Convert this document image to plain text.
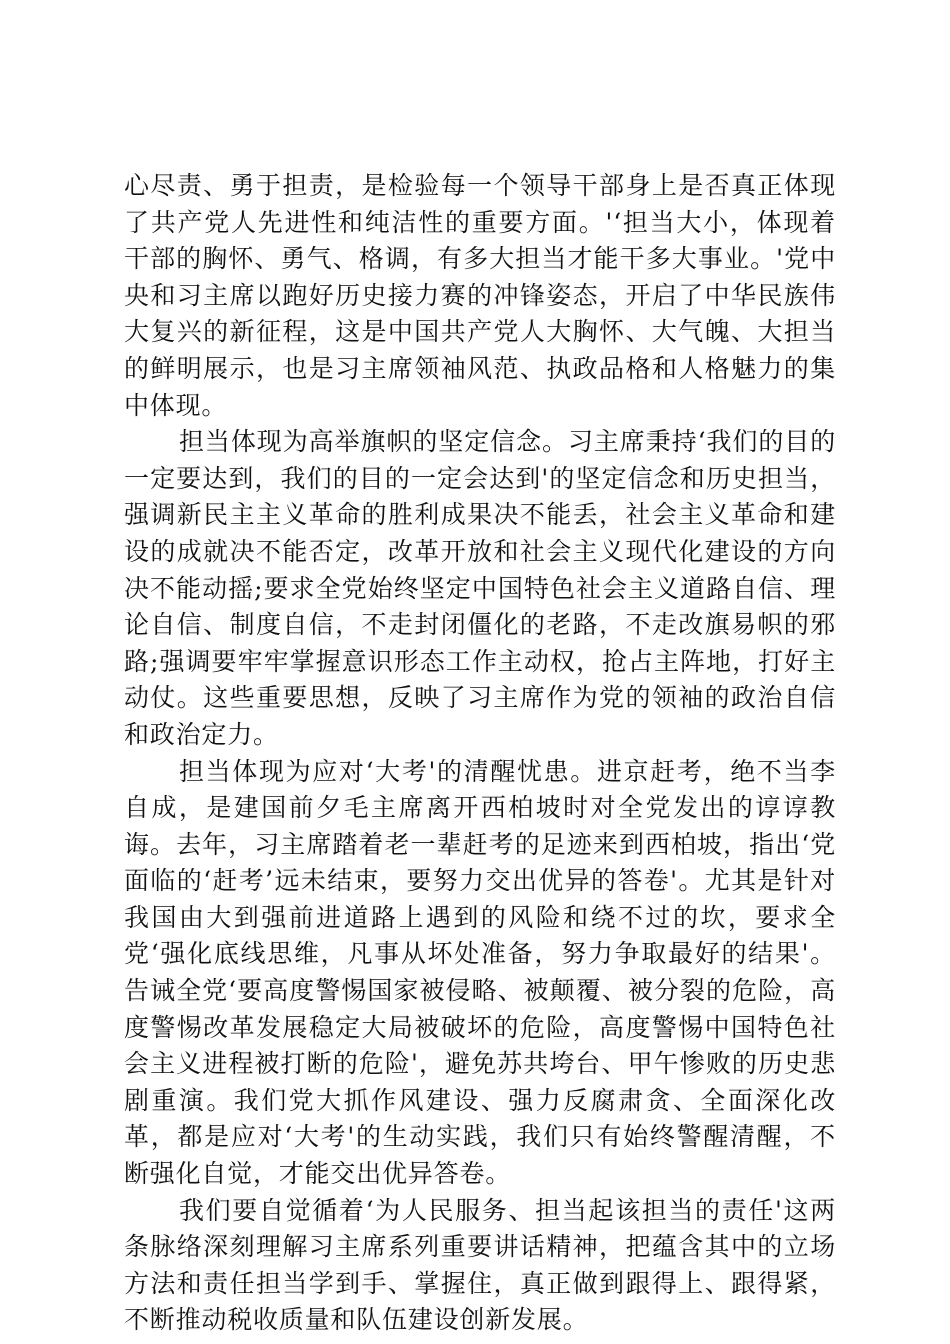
心尽责、勇于担责，是检验每一个领导干部身上是否真正体现了共产党人先进性和纯洁性的重要方面。'‘担当大小，体现着干部的胸怀、勇气、格调，有多大担当才能干多大事业。'党中央和习主席以跑好历史接力赛的冲锋姿态，开启了中华民族伟大复兴的新征程，这是中国共产党人大胸怀、大气魄、大担当的鲜明展示，也是习主席领袖风范、执政品格和人格魅力的集中体现。

担当体现为高举旗帜的坚定信念。习主席秉持‘我们的目的一定要达到，我们的目的一定会达到'的坚定信念和历史担当，强调新民主主义革命的胜利成果决不能丢，社会主义革命和建设的成就决不能否定，改革开放和社会主义现代化建设的方向决不能动摇;要求全党始终坚定中国特色社会主义道路自信、理论自信、制度自信，不走封闭僵化的老路，不走改旗易帜的邪路;强调要牢牢掌握意识形态工作主动权，抢占主阵地，打好主动仗。这些重要思想，反映了习主席作为党的领袖的政治自信和政治定力。

担当体现为应对‘大考'的清醒忧患。进京赶考，绝不当李自成，是建国前夕毛主席离开西柏坡时对全党发出的谆谆教诲。去年，习主席踏着老一辈赶考的足迹来到西柏坡，指出‘党面临的‘赶考’远未结束，要努力交出优异的答卷'。尤其是针对我国由大到强前进道路上遇到的风险和绕不过的坎，要求全党‘强化底线思维，凡事从坏处准备，努力争取最好的结果'。告诫全党‘要高度警惕国家被侵略、被颠覆、被分裂的危险，高度警惕改革发展稳定大局被破坏的危险，高度警惕中国特色社会主义进程被打断的危险'，避免苏共垮台、甲午惨败的历史悲剧重演。我们党大抓作风建设、强力反腐肃贪、全面深化改革，都是应对‘大考'的生动实践，我们只有始终警醒清醒，不断强化自觉，才能交出优异答卷。

我们要自觉循着‘为人民服务、担当起该担当的责任'这两条脉络深刻理解习主席系列重要讲话精神，把蕴含其中的立场方法和责任担当学到手、掌握住，真正做到跟得上、跟得紧，不断推动税收质量和队伍建设创新发展。
